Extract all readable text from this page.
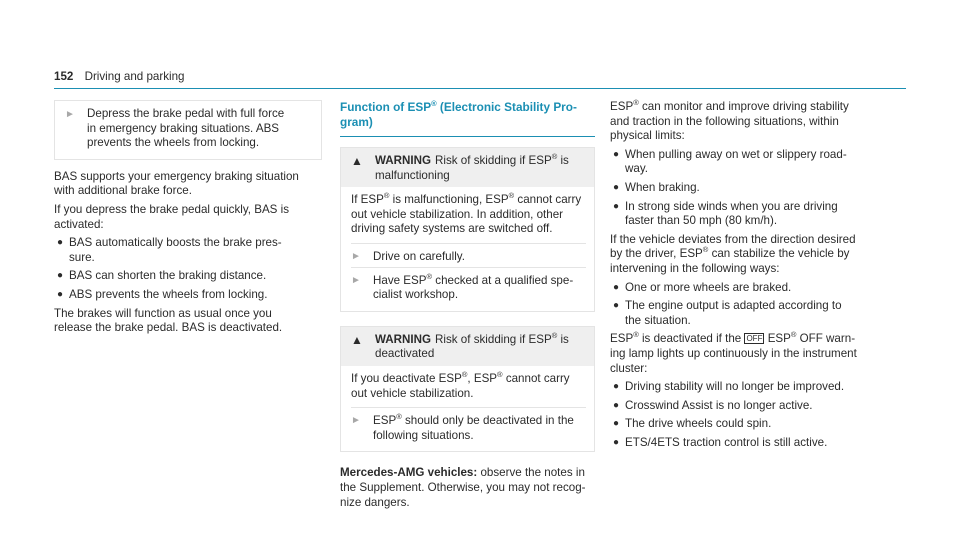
152 Driving and parking
►	Depress the brake pedal with full force
in emergency braking situations. ABS
prevents the wheels from locking.
BAS supports your emergency braking situation
with additional brake force.
If you depress the brake pedal quickly, BAS is
activated:
● BAS automatically boosts the brake pres-
sure.
● BAS can shorten the braking distance.
● ABS prevents the wheels from locking.
The brakes will function as usual once you
release the brake pedal. BAS is deactivated.
Function of ESP® (Electronic Stability Pro-
gram)
▲	WARNING Risk of skidding if ESP® is
malfunctioning
If ESP® is malfunctioning, ESP® cannot carry
out vehicle stabilization. In addition, other
driving safety systems are switched off.
►	Drive on carefully.
►	Have ESP® checked at a qualified spe-
cialist workshop.
▲	WARNING Risk of skidding if ESP® is
deactivated
If you deactivate ESP®, ESP® cannot carry
out vehicle stabilization.
►	ESP® should only be deactivated in the
following situations.
Mercedes-AMG vehicles: observe the notes in
the Supplement. Otherwise, you may not recog-
nize dangers.
ESP® can monitor and improve driving stability
and traction in the following situations, within
physical limits:
● When pulling away on wet or slippery road-
way.
● When braking.
● In strong side winds when you are driving
faster than 50 mph (80 km/h).
If the vehicle deviates from the direction desired
by the driver, ESP® can stabilize the vehicle by
intervening in the following ways:
● One or more wheels are braked.
● The engine output is adapted according to
the situation.
ESP® is deactivated if the OFF ESP® OFF warn-
ing lamp lights up continuously in the instrument
cluster:
● Driving stability will no longer be improved.
● Crosswind Assist is no longer active.
● The drive wheels could spin.
● ETS/4ETS traction control is still active.
